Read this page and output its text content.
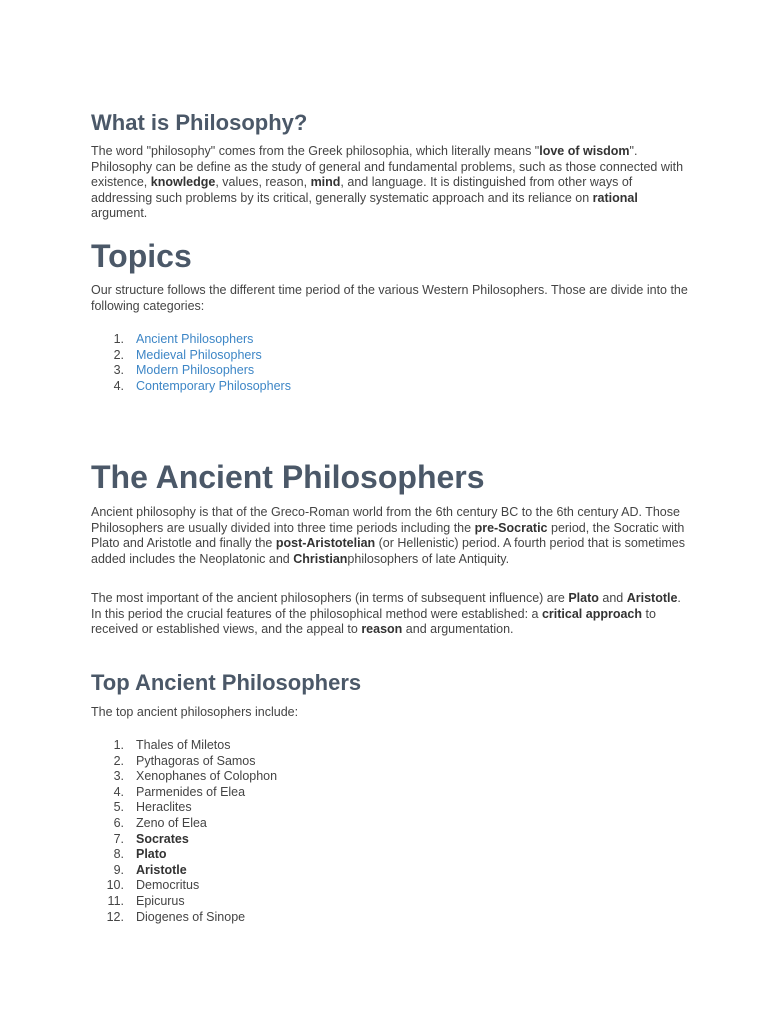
What is Philosophy?

The word "philosophy" comes from the Greek philosophia, which literally means "love of wisdom". Philosophy can be define as the study of general and fundamental problems, such as those connected with existence, knowledge, values, reason, mind, and language. It is distinguished from other ways of addressing such problems by its critical, generally systematic approach and its reliance on rational argument.

Topics

Our structure follows the different time period of the various Western Philosophers. Those are divide into the following categories:

1. Ancient Philosophers
2. Medieval Philosophers
3. Modern Philosophers
4. Contemporary Philosophers
The Ancient Philosophers

Ancient philosophy is that of the Greco-Roman world from the 6th century BC to the 6th century AD. Those Philosophers are usually divided into three time periods including the pre-Socratic period, the Socratic with Plato and Aristotle and finally the post-Aristotelian (or Hellenistic) period. A fourth period that is sometimes added includes the Neoplatonic and Christianphilosophers of late Antiquity.

The most important of the ancient philosophers (in terms of subsequent influence) are Plato and Aristotle. In this period the crucial features of the philosophical method were established: a critical approach to received or established views, and the appeal to reason and argumentation.

Top Ancient Philosophers

The top ancient philosophers include:

1. Thales of Miletos
2. Pythagoras of Samos
3. Xenophanes of Colophon
4. Parmenides of Elea
5. Heraclites
6. Zeno of Elea
7. Socrates
8. Plato
9. Aristotle
10. Democritus
11. Epicurus
12. Diogenes of Sinope
